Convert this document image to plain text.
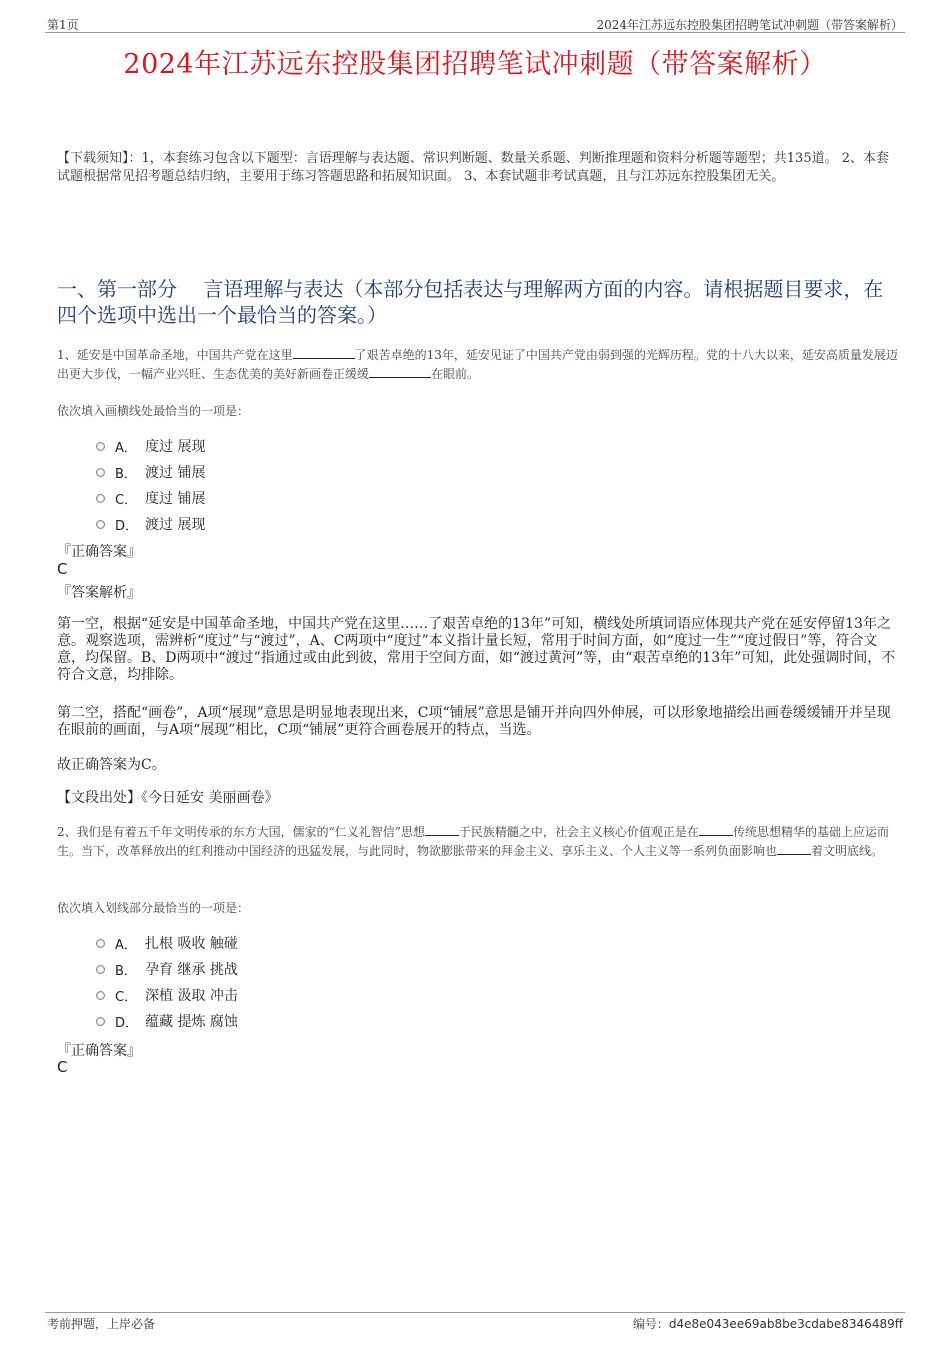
第1页	2024年江苏远东控股集团招聘笔试冲刺题（带答案解析）
2024年江苏远东控股集团招聘笔试冲刺题（带答案解析）
【下载须知】：1，本套练习包含以下题型：言语理解与表达题、常识判断题、数量关系题、判断推理题和资料分析题等题型；共135道。 2、本套试题根据常见招考题总结归纳，主要用于练习答题思路和拓展知识面。 3、本套试题非考试真题，且与江苏远东控股集团无关。
一、第一部分　 言语理解与表达（本部分包括表达与理解两方面的内容。请根据题目要求，在四个选项中选出一个最恰当的答案。）
1、延安是中国革命圣地，中国共产党在这里	了艰苦卓绝的13年，延安见证了中国共产党由弱到强的光辉历程。党的十八大以来，延安高质量发展迈出更大步伐，一幅产业兴旺、生态优美的美好新画卷正缓缓	在眼前。
依次填入画横线处最恰当的一项是：
A． 度过 展现
B． 渡过 铺展
C． 度过 铺展
D． 渡过 展现
『正确答案』
C
『答案解析』
第一空，根据“延安是中国革命圣地，中国共产党在这里……了艰苦卓绝的13年”可知，横线处所填词语应体现共产党在延安停留13年之意。观察选项，需辨析“度过”与“渡过”，A、C两项中“度过”本义指计量长短，常用于时间方面，如“度过一生”“度过假日”等，符合文意，均保留。B、D两项中“渡过”指通过或由此到彼，常用于空间方面，如“渡过黄河”等，由“艰苦卓绝的13年”可知，此处强调时间，不符合文意，均排除。
第二空，搭配“画卷”，A项“展现”意思是明显地表现出来，C项“铺展”意思是铺开并向四外伸展，可以形象地描绘出画卷缓缓铺开并呈现在眼前的画面，与A项“展现”相比，C项“铺展”更符合画卷展开的特点，当选。
故正确答案为C。
【文段出处】《今日延安 美丽画卷》
2、我们是有着五千年文明传承的东方大国，儒家的“仁义礼智信”思想	于民族精髓之中，社会主义核心价值观正是在	传统思想精华的基础上应运而生。当下，改革释放出的红利推动中国经济的迅猛发展，与此同时，物欲膨胀带来的拜金主义、享乐主义、个人主义等一系列负面影响也	着文明底线。
依次填入划线部分最恰当的一项是：
A． 扎根 吸收 触碰
B． 孕育 继承 挑战
C． 深植 汲取 冲击
D． 蕴藏 提炼 腐蚀
『正确答案』
C
考前押题，上岸必备	编号：d4e8e043ee69ab8be3cdabe8346489ff
